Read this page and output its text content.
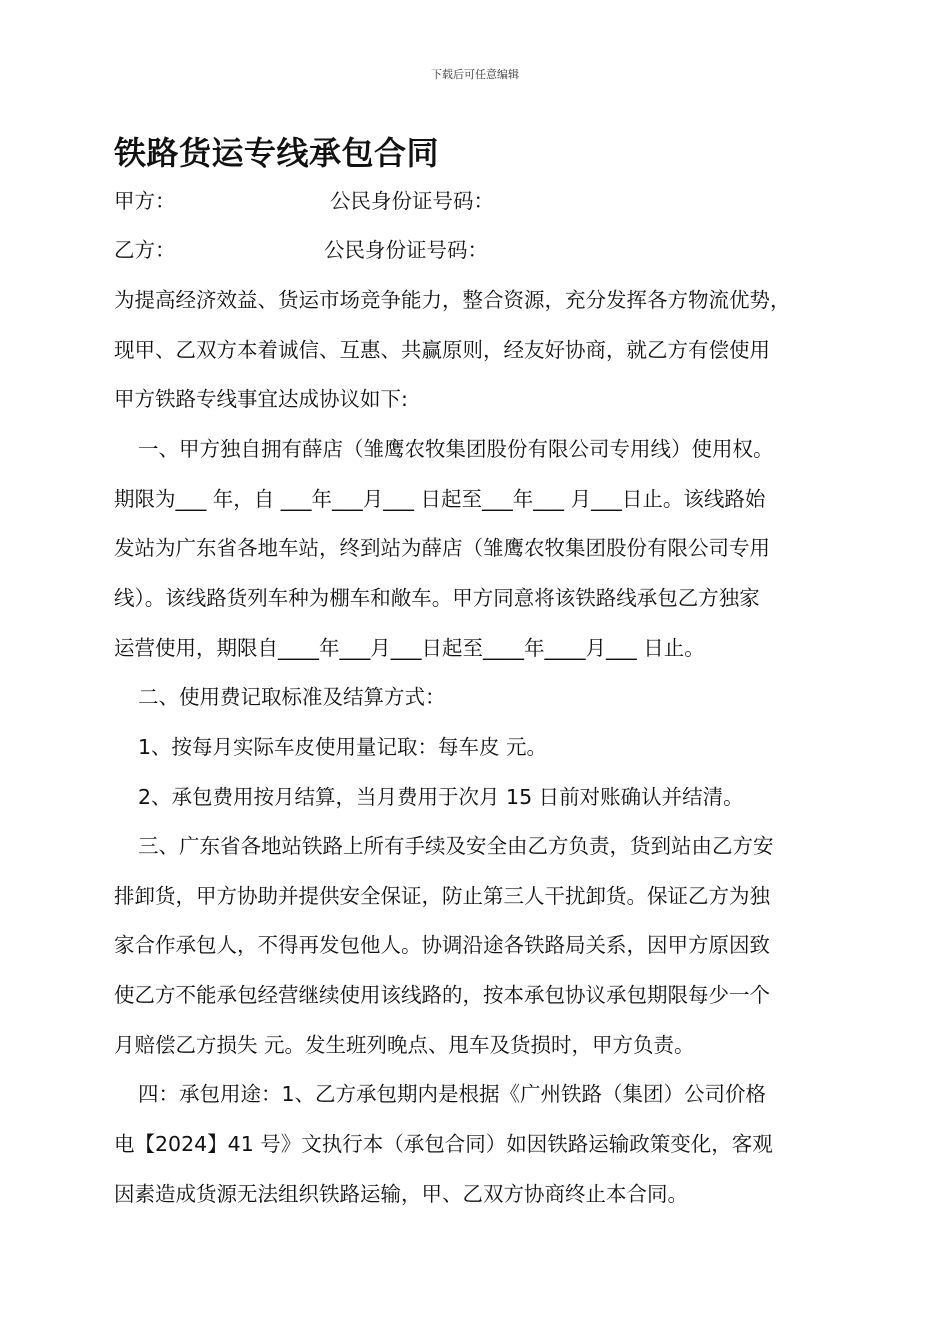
下载后可任意编辑
铁路货运专线承包合同
甲方：	公民身份证号码：
乙方：	公民身份证号码：
为提高经济效益、货运市场竞争能力，整合资源，充分发挥各方物流优势，
现甲、乙双方本着诚信、互惠、共赢原则，经友好协商，就乙方有偿使用
甲方铁路专线事宜达成协议如下:
一、甲方独自拥有薛店（雏鹰农牧集团股份有限公司专用线）使用权。
期限为___ 年，自 ___年___月___ 日起至___年___ 月___日止。该线路始
发站为广东省各地车站，终到站为薛店（雏鹰农牧集团股份有限公司专用
线）。该线路货列车种为棚车和敞车。甲方同意将该铁路线承包乙方独家
运营使用，期限自____年___月___日起至____年____月___ 日止。
二、使用费记取标准及结算方式：
1、按每月实际车皮使用量记取：每车皮 元。
2、承包费用按月结算，当月费用于次月 15 日前对账确认并结清。
三、广东省各地站铁路上所有手续及安全由乙方负责，货到站由乙方安
排卸货，甲方协助并提供安全保证，防止第三人干扰卸货。保证乙方为独
家合作承包人，不得再发包他人。协调沿途各铁路局关系，因甲方原因致
使乙方不能承包经营继续使用该线路的，按本承包协议承包期限每少一个
月赔偿乙方损失 元。发生班列晚点、甩车及货损时，甲方负责。
四：承包用途：1、乙方承包期内是根据《广州铁路（集团）公司价格
电【2024】41 号》文执行本（承包合同）如因铁路运输政策变化，客观
因素造成货源无法组织铁路运输，甲、乙双方协商终止本合同。
